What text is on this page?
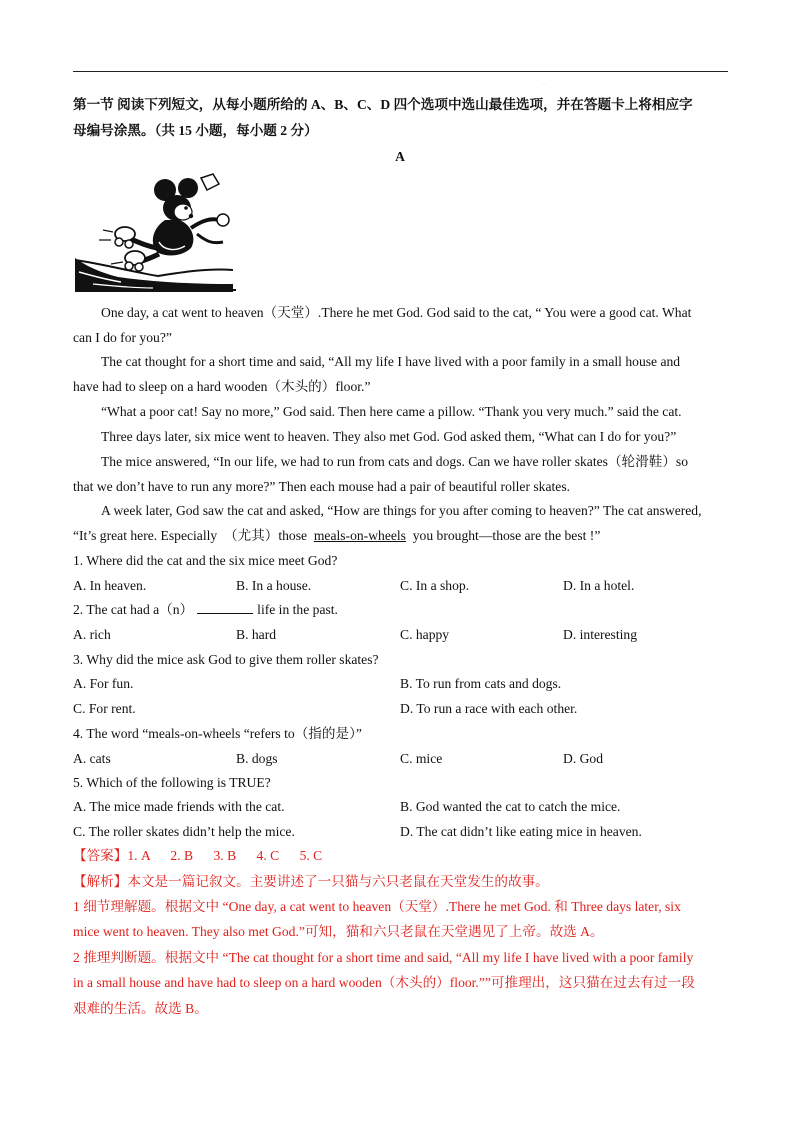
·
第一节 阅读下列短文，从每小题所给的 A、B、C、D 四个选项中选山最佳选项，并在答题卡上将相应字
母编号涂黑。（共 15 小题，每小题 2 分）
A
One day, a cat went to heaven（天堂）.There he met God. God said to the cat, “ You were a good cat. What
can I do for you?”
The cat thought for a short time and said, “All my life I have lived with a poor family in a small house and
have had to sleep on a hard wooden（木头的）floor.”
“What a poor cat! Say no more,” God said. Then here came a pillow. “Thank you very much.” said the cat.
Three days later, six mice went to heaven. They also met God. God asked them, “What can I do for you?”
The mice answered, “In our life, we had to run from cats and dogs. Can we have roller skates（轮滑鞋）so
that we don’t have to run any more?” Then each mouse had a pair of beautiful roller skates.
A week later, God saw the cat and asked, “How are things for you after coming to heaven?” The cat answered,
“It’s great here. Especially  （尤其）those  meals-on-wheels  you brought—those are the best !”
1. Where did the cat and the six mice meet God?
A. In heaven.	B. In a house.	C. In a shop.	D. In a hotel.
2. The cat had a（n）	life in the past.
A. rich	B. hard	C. happy	D. interesting
3. Why did the mice ask God to give them roller skates?
A. For fun.	B. To run from cats and dogs.
C. For rent.	D. To run a race with each other.
4. The word “meals-on-wheels “refers to（指的是）”
A. cats	B. dogs	C. mice	D. God
5. Which of the following is TRUE?
A. The mice made friends with the cat.	B. God wanted the cat to catch the mice.
C. The roller skates didn’t help the mice.	D. The cat didn’t like eating mice in heaven.
【答案】1. A      2. B      3. B      4. C      5. C
【解析】本文是一篇记叙文。主要讲述了一只猫与六只老鼠在天堂发生的故事。
1 细节理解题。根据文中 “One day, a cat went to heaven（天堂）.There he met God. 和 Three days later, six
mice went to heaven. They also met God.”可知，猫和六只老鼠在天堂遇见了上帝。故选 A。
2 推理判断题。根据文中 “The cat thought for a short time and said, “All my life I have lived with a poor family
in a small house and have had to sleep on a hard wooden（木头的）floor.””可推理出，这只猫在过去有过一段
艰难的生活。故选 B。
